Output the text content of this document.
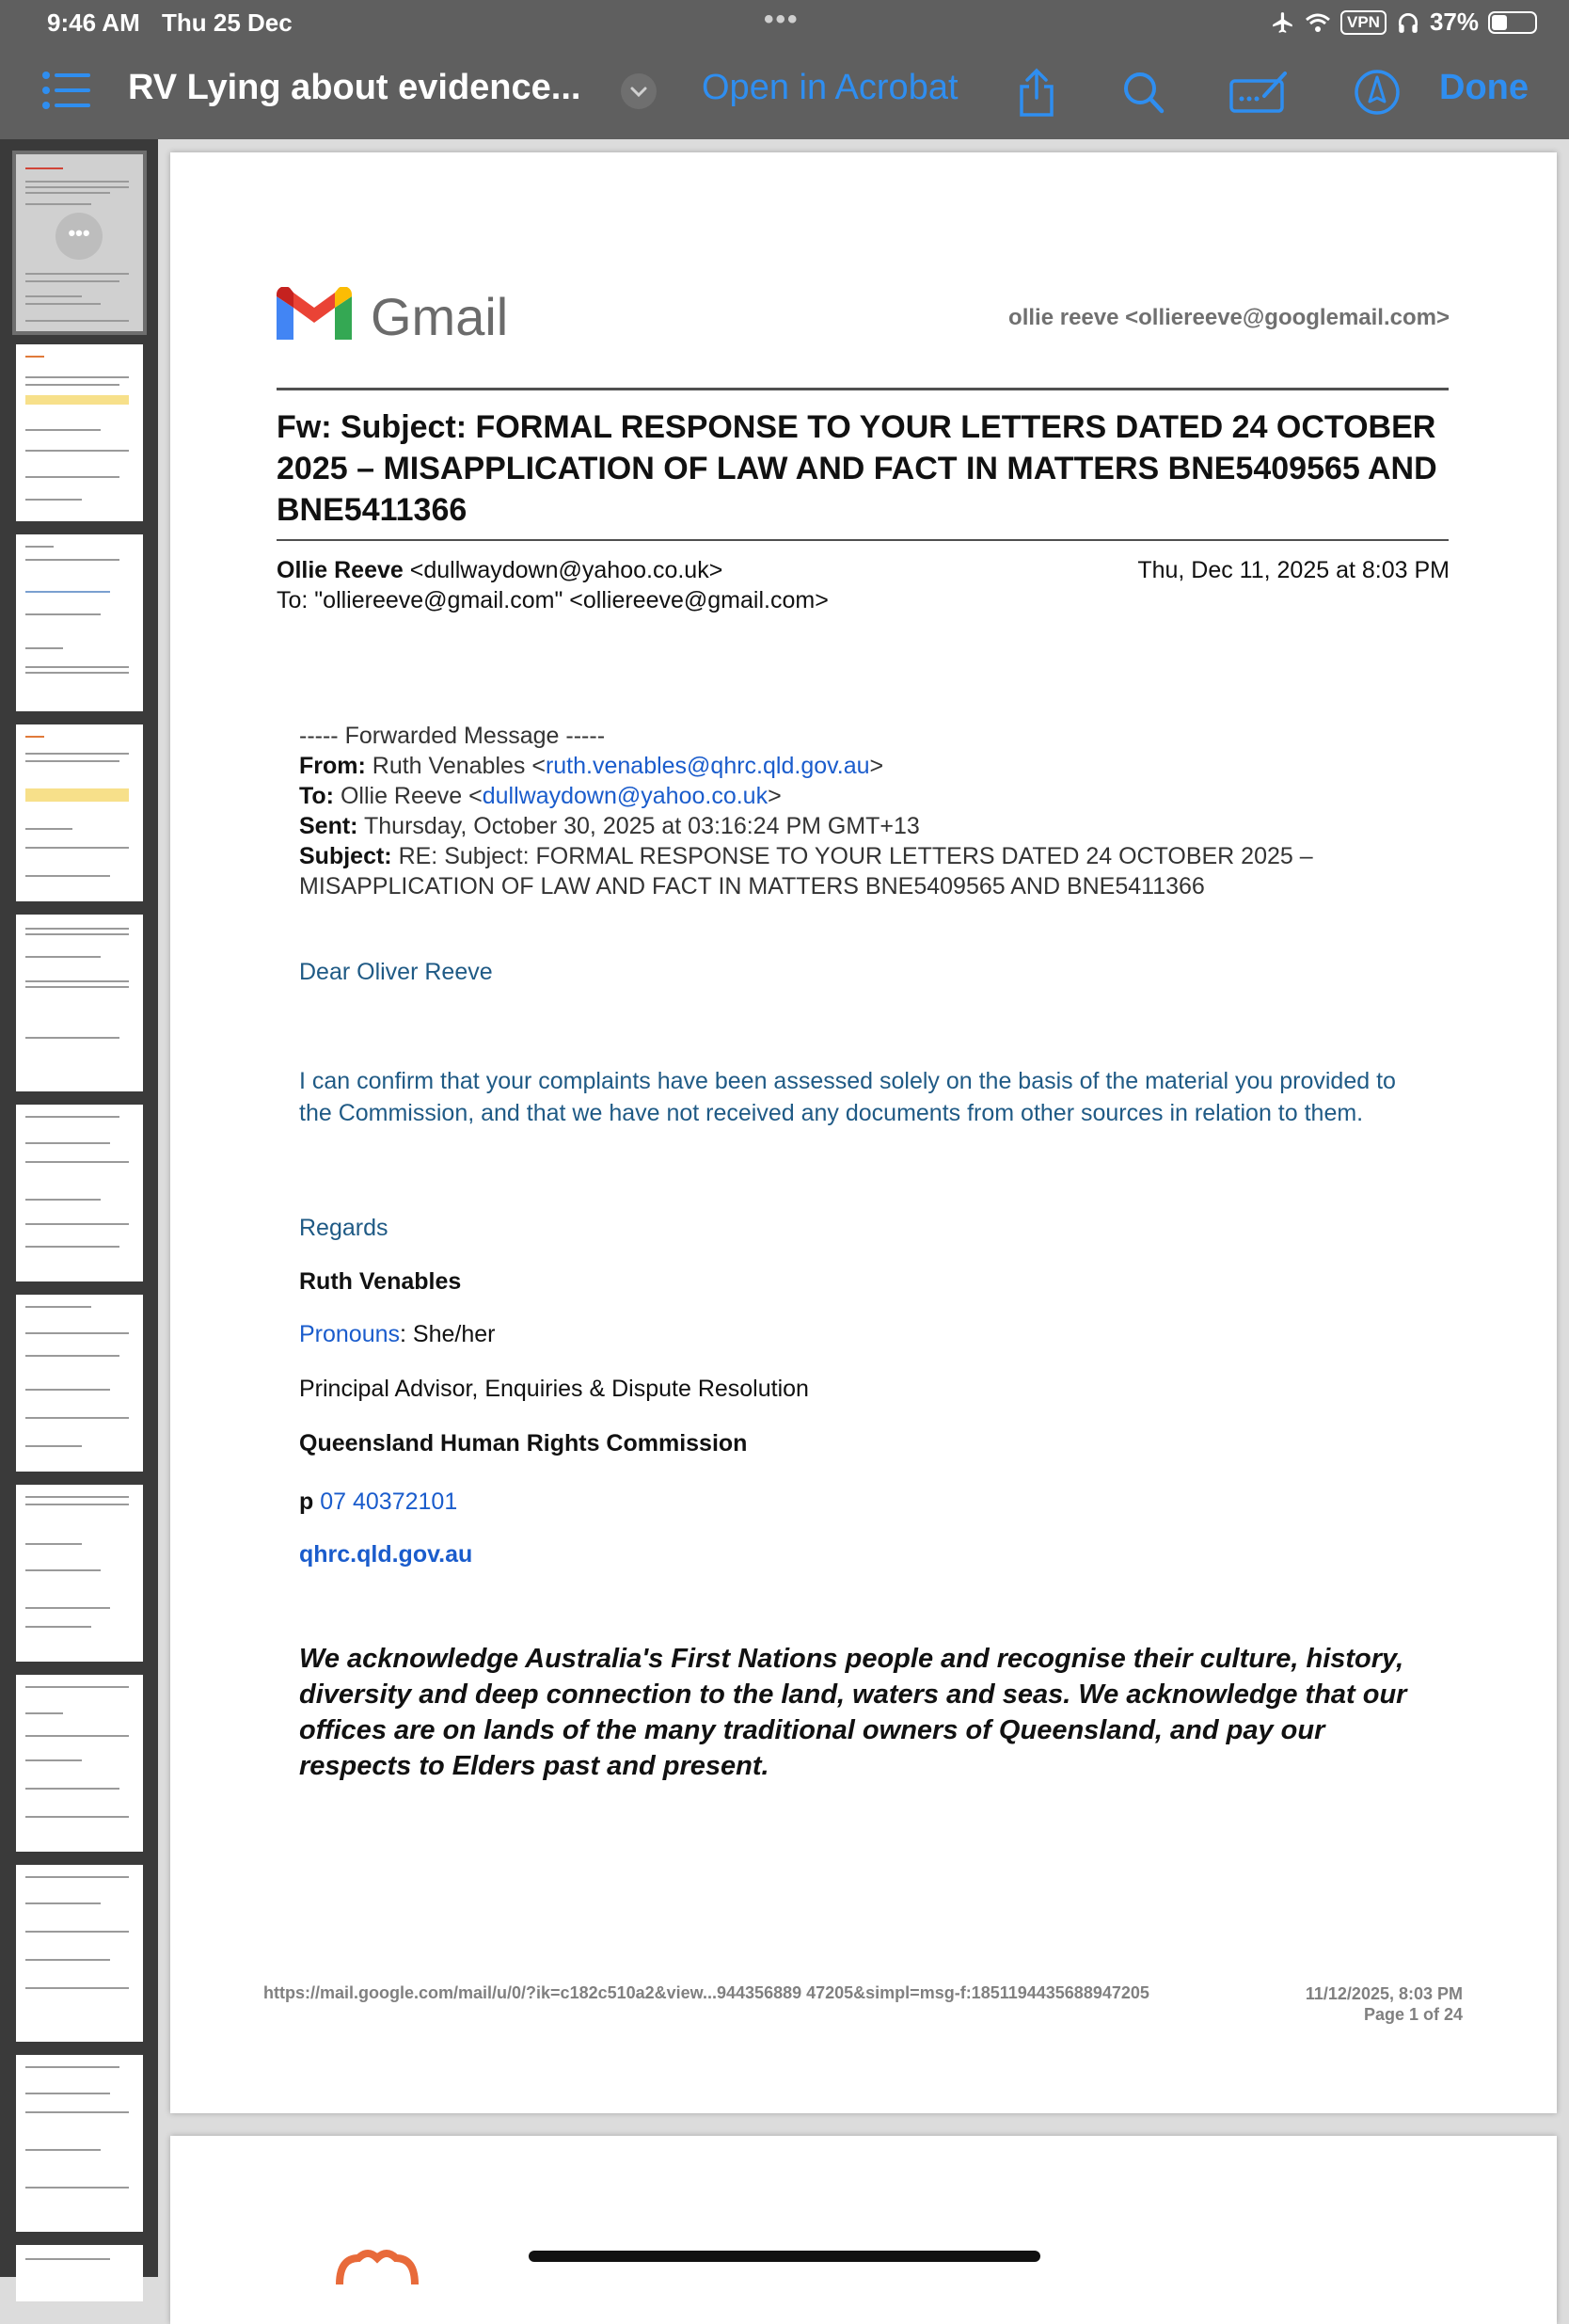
9:46 AM Thu 25 Dec	•••	VPN 37%
RV Lying about evidence...	Open in Acrobat	Done
•••
Gmail	ollie reeve <olliereeve@googlemail.com>
Fw: Subject: FORMAL RESPONSE TO YOUR LETTERS DATED 24 OCTOBER 2025 – MISAPPLICATION OF LAW AND FACT IN MATTERS BNE5409565 AND BNE5411366
Ollie Reeve <dullwaydown@yahoo.co.uk>	Thu, Dec 11, 2025 at 8:03 PM
To: "olliereeve@gmail.com" <olliereeve@gmail.com>
----- Forwarded Message -----
From: Ruth Venables <ruth.venables@qhrc.qld.gov.au>
To: Ollie Reeve <dullwaydown@yahoo.co.uk>
Sent: Thursday, October 30, 2025 at 03:16:24 PM GMT+13
Subject: RE: Subject: FORMAL RESPONSE TO YOUR LETTERS DATED 24 OCTOBER 2025 – MISAPPLICATION OF LAW AND FACT IN MATTERS BNE5409565 AND BNE5411366
Dear Oliver Reeve
I can confirm that your complaints have been assessed solely on the basis of the material you provided to the Commission, and that we have not received any documents from other sources in relation to them.
Regards
Ruth Venables
Pronouns: She/her
Principal Advisor, Enquiries & Dispute Resolution
Queensland Human Rights Commission
p 07 40372101
qhrc.qld.gov.au
We acknowledge Australia's First Nations people and recognise their culture, history, diversity and deep connection to the land, waters and seas. We acknowledge that our offices are on lands of the many traditional owners of Queensland, and pay our respects to Elders past and present.
https://mail.google.com/mail/u/0/?ik=c182c510a2&view...944356889 47205&simpl=msg-f:1851194435688947205	11/12/2025, 8:03 PM
Page 1 of 24
